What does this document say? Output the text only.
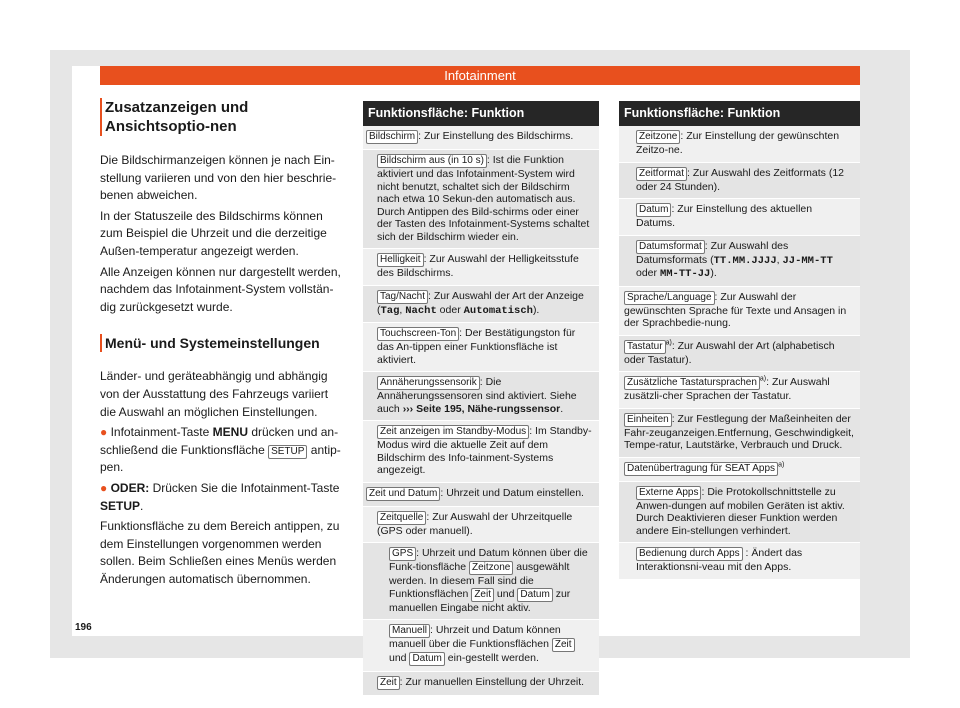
Infotainment
Zusatzanzeigen und Ansichtsoptio-nen

Die Bildschirmanzeigen können je nach Ein-stellung variieren und von den hier beschrie-benen abweichen.

In der Statuszeile des Bildschirms können zum Beispiel die Uhrzeit und die derzeitige Außen-temperatur angezeigt werden.

Alle Anzeigen können nur dargestellt werden, nachdem das Infotainment-System vollstän-dig zurückgesetzt wurde.

Menü- und Systemeinstellungen

Länder- und geräteabhängig und abhängig von der Ausstattung des Fahrzeugs variiert die Auswahl an möglichen Einstellungen.

● Infotainment-Taste MENU drücken und an-schließend die Funktionsfläche SETUP antip-pen.

● ODER: Drücken Sie die Infotainment-Taste SETUP.

Funktionsfläche zu dem Bereich antippen, zu dem Einstellungen vorgenommen werden sollen. Beim Schließen eines Menüs werden Änderungen automatisch übernommen.

196
Funktionsfläche: Funktion
Bildschirm : Zur Einstellung des Bildschirms.
Bildschirm aus (in 10 s) : Ist die Funktion aktiviert und das Infotainment-System wird nicht benutzt, schaltet sich der Bildschirm nach etwa 10 Sekun-den automatisch aus. Durch Antippen des Bild-schirms oder einer der Tasten des Infotainment-Systems schaltet sich der Bildschirm wieder ein.
Helligkeit : Zur Auswahl der Helligkeitsstufe des Bildschirms.
Tag/Nacht : Zur Auswahl der Art der Anzeige (Tag, Nacht oder Automatisch).
Touchscreen-Ton : Der Bestätigungston für das An-tippen einer Funktionsfläche ist aktiviert.
Annäherungssensorik : Die Annäherungssensoren sind aktiviert. Siehe auch ››› Seite 195, Nähe-rungssensor.
Zeit anzeigen im Standby-Modus : Im Standby-Modus wird die aktuelle Zeit auf dem Bildschirm des Info-tainment-Systems angezeigt.
Zeit und Datum : Uhrzeit und Datum einstellen.
Zeitquelle : Zur Auswahl der Uhrzeitquelle (GPS oder manuell).
GPS : Uhrzeit und Datum können über die Funk-tionsfläche Zeitzone ausgewählt werden. In diesem Fall sind die Funktionsflächen Zeit und Datum zur manuellen Eingabe nicht aktiv.
Manuell : Uhrzeit und Datum können manuell über die Funktionsflächen Zeit und Datum ein-gestellt werden.
Zeit : Zur manuellen Einstellung der Uhrzeit.
Funktionsfläche: Funktion
Zeitzone : Zur Einstellung der gewünschten Zeitzo-ne.
Zeitformat : Zur Auswahl des Zeitformats (12 oder 24 Stunden).
Datum : Zur Einstellung des aktuellen Datums.
Datumsformat : Zur Auswahl des Datumsformats (TT.MM.JJJJ, JJ-MM-TT oder MM-TT-JJ).
Sprache/Language : Zur Auswahl der gewünschten Sprache für Texte und Ansagen in der Sprachbedie-nung.
Tastatur $^{a)}$: Zur Auswahl der Art (alphabetisch oder Tastatur).
Zusätzliche Tastatursprachen $^{a)}$: Zur Auswahl zusätzli-cher Sprachen der Tastatur.
Einheiten : Zur Festlegung der Maßeinheiten der Fahr-zeuganzeigen.Entfernung, Geschwindigkeit, Tempe-ratur, Lautstärke, Verbrauch und Druck.
Datenübertragung für SEAT Apps $^{a)}$
Externe Apps : Die Protokollschnittstelle zu Anwen-dungen auf mobilen Geräten ist aktiv. Durch Deaktivieren dieser Funktion werden andere Ein-stellungen verhindert.
Bedienung durch Apps : Ändert das Interaktionsni-veau mit den Apps.
